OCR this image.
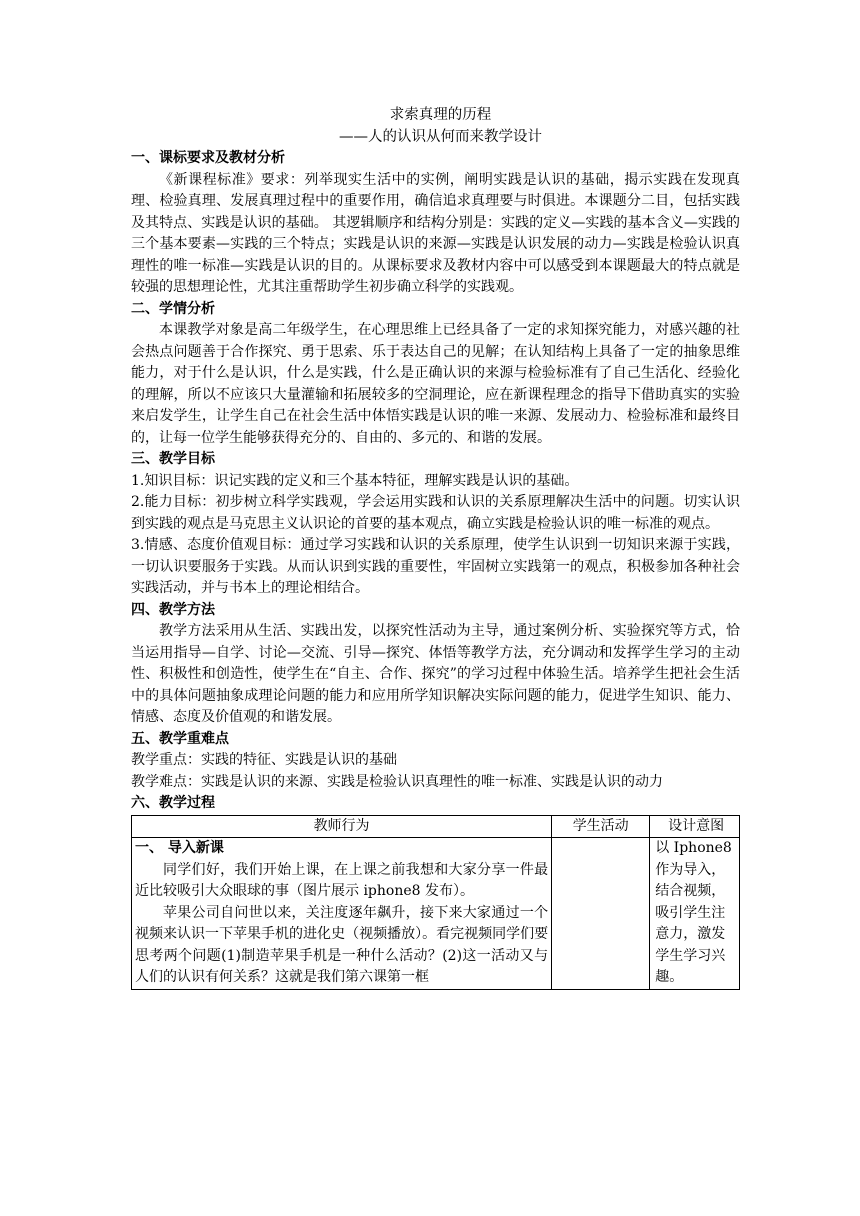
求索真理的历程
——人的认识从何而来教学设计
一、课标要求及教材分析
《新课程标准》要求：列举现实生活中的实例，阐明实践是认识的基础，揭示实践在发现真理、检验真理、发展真理过程中的重要作用，确信追求真理要与时俱进。本课题分二目，包括实践及其特点、实践是认识的基础。 其逻辑顺序和结构分别是：实践的定义—实践的基本含义—实践的三个基本要素—实践的三个特点；实践是认识的来源—实践是认识发展的动力—实践是检验认识真理性的唯一标准—实践是认识的目的。从课标要求及教材内容中可以感受到本课题最大的特点就是较强的思想理论性，尤其注重帮助学生初步确立科学的实践观。
二、学情分析
本课教学对象是高二年级学生，在心理思维上已经具备了一定的求知探究能力，对感兴趣的社会热点问题善于合作探究、勇于思索、乐于表达自己的见解；在认知结构上具备了一定的抽象思维能力，对于什么是认识，什么是实践，什么是正确认识的来源与检验标准有了自己生活化、经验化的理解，所以不应该只大量灌输和拓展较多的空洞理论，应在新课程理念的指导下借助真实的实验来启发学生，让学生自己在社会生活中体悟实践是认识的唯一来源、发展动力、检验标准和最终目的，让每一位学生能够获得充分的、自由的、多元的、和谐的发展。
三、教学目标
1.知识目标：识记实践的定义和三个基本特征，理解实践是认识的基础。
2.能力目标：初步树立科学实践观，学会运用实践和认识的关系原理解决生活中的问题。切实认识到实践的观点是马克思主义认识论的首要的基本观点，确立实践是检验认识的唯一标准的观点。
3.情感、态度价值观目标：通过学习实践和认识的关系原理，使学生认识到一切知识来源于实践，一切认识要服务于实践。从而认识到实践的重要性，牢固树立实践第一的观点，积极参加各种社会实践活动，并与书本上的理论相结合。
四、教学方法
教学方法采用从生活、实践出发，以探究性活动为主导，通过案例分析、实验探究等方式，恰当运用指导—自学、讨论—交流、引导—探究、体悟等教学方法，充分调动和发挥学生学习的主动性、积极性和创造性，使学生在“自主、合作、探究”的学习过程中体验生活。培养学生把社会生活中的具体问题抽象成理论问题的能力和应用所学知识解决实际问题的能力，促进学生知识、能力、情感、态度及价值观的和谐发展。
五、教学重难点
教学重点：实践的特征、实践是认识的基础
教学难点：实践是认识的来源、实践是检验认识真理性的唯一标准、实践是认识的动力
六、教学过程
教师行为	学生活动	设计意图

一、 导入新课
同学们好，我们开始上课，在上课之前我想和大家分享一件最近比较吸引大众眼球的事（图片展示 iphone8 发布）。
苹果公司自问世以来，关注度逐年飙升，接下来大家通过一个视频来认识一下苹果手机的进化史（视频播放）。看完视频同学们要思考两个问题(1)制造苹果手机是一种什么活动？(2)这一活动又与人们的认识有何关系？这就是我们第六课第一框		以 Iphone8 作为导入，结合视频，吸引学生注意力，激发学生学习兴趣。
